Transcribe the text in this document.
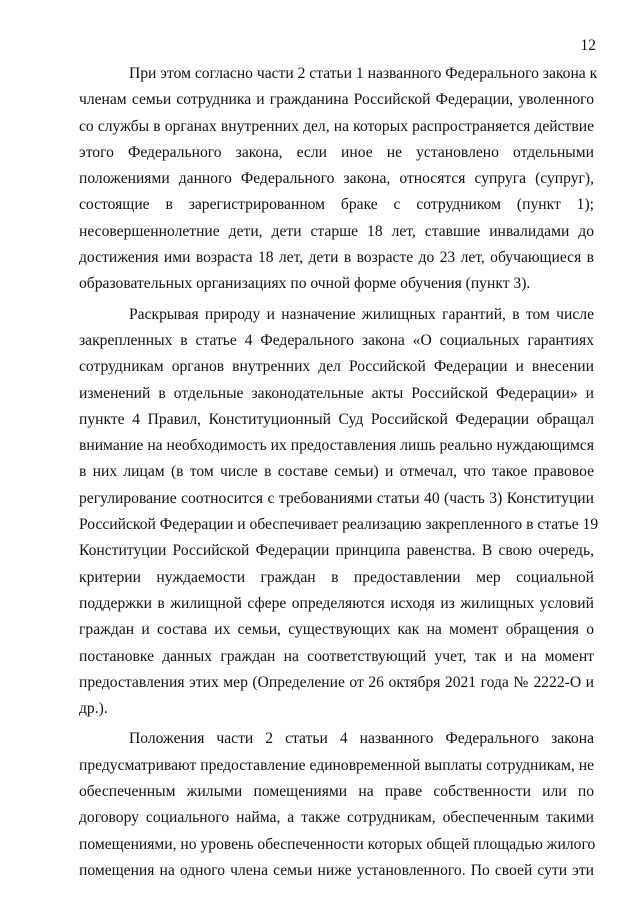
12
При этом согласно части 2 статьи 1 названного Федерального закона к
членам семьи сотрудника и гражданина Российской Федерации, уволенного
со службы в органах внутренних дел, на которых распространяется действие
этого Федерального закона, если иное не установлено отдельными
положениями данного Федерального закона, относятся супруга (супруг),
состоящие в зарегистрированном браке с сотрудником (пункт 1);
несовершеннолетние дети, дети старше 18 лет, ставшие инвалидами до
достижения ими возраста 18 лет, дети в возрасте до 23 лет, обучающиеся в
образовательных организациях по очной форме обучения (пункт 3).
Раскрывая природу и назначение жилищных гарантий, в том числе
закрепленных в статье 4 Федерального закона «О социальных гарантиях
сотрудникам органов внутренних дел Российской Федерации и внесении
изменений в отдельные законодательные акты Российской Федерации» и
пункте 4 Правил, Конституционный Суд Российской Федерации обращал
внимание на необходимость их предоставления лишь реально нуждающимся
в них лицам (в том числе в составе семьи) и отмечал, что такое правовое
регулирование соотносится с требованиями статьи 40 (часть 3) Конституции
Российской Федерации и обеспечивает реализацию закрепленного в статье 19
Конституции Российской Федерации принципа равенства. В свою очередь,
критерии нуждаемости граждан в предоставлении мер социальной
поддержки в жилищной сфере определяются исходя из жилищных условий
граждан и состава их семьи, существующих как на момент обращения о
постановке данных граждан на соответствующий учет, так и на момент
предоставления этих мер (Определение от 26 октября 2021 года № 2222-О и
др.).
Положения части 2 статьи 4 названного Федерального закона
предусматривают предоставление единовременной выплаты сотрудникам, не
обеспеченным жилыми помещениями на праве собственности или по
договору социального найма, а также сотрудникам, обеспеченным такими
помещениями, но уровень обеспеченности которых общей площадью жилого
помещения на одного члена семьи ниже установленного. По своей сути эти
